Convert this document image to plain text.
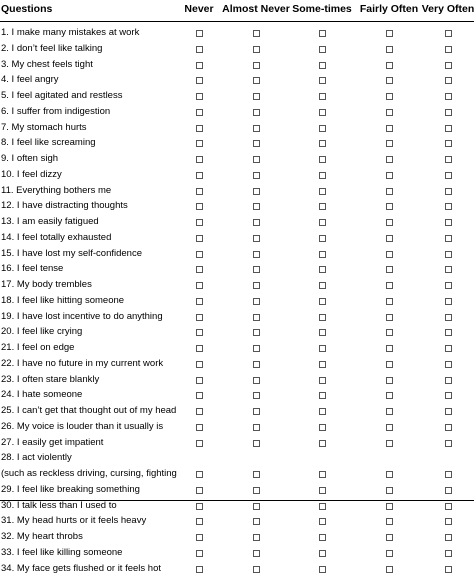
Questions	Never Almost Never Some-times Fairly Often Very Often
1. I make many mistakes at work
2. I don’t feel like talking
3. My chest feels tight
4. I feel angry
5. I feel agitated and restless
6. I suffer from indigestion
7. My stomach hurts
8. I feel like screaming
9. I often sigh
10. I feel dizzy
11. Everything bothers me
12. I have distracting thoughts
13. I am easily fatigued
14. I feel totally exhausted
15. I have lost my self-confidence
16. I feel tense
17. My body trembles
18. I feel like hitting someone
19. I have lost incentive to do anything
20. I feel like crying
21. I feel on edge
22. I have no future in my current work
23. I often stare blankly
24. I hate someone
25. I can’t get that thought out of my head
26. My voice is louder than it usually is
27. I easily get impatient
28. I act violently
(such as reckless driving, cursing, fighting
29. I feel like breaking something
30. I talk less than I used to
31. My head hurts or it feels heavy
32. My heart throbs
33. I feel like killing someone
34. My face gets flushed or it feels hot
